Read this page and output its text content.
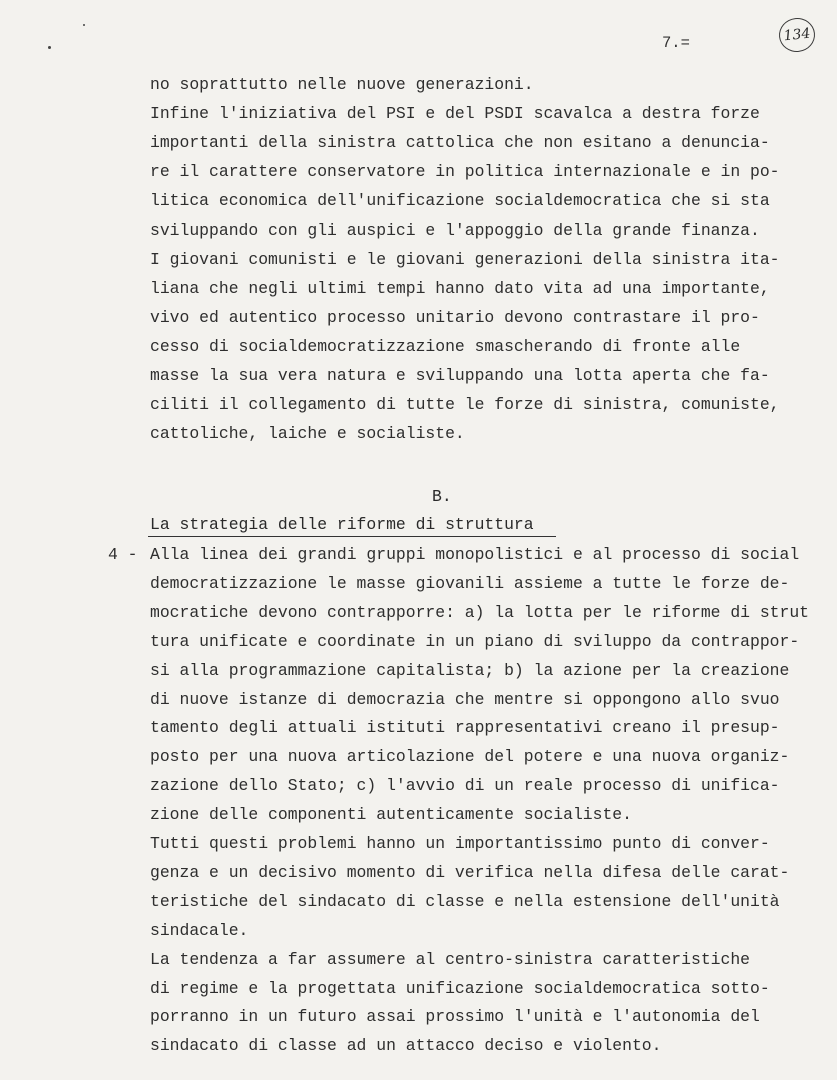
7.=	134
no soprattutto nelle nuove generazioni.
Infine l'iniziativa del PSI e del PSDI scavalca a destra forze
importanti della sinistra cattolica che non esitano a denuncia-
re il carattere conservatore in politica internazionale e in po-
litica economica dell'unificazione socialdemocratica che si sta
sviluppando con gli auspici e l'appoggio della grande finanza.
I giovani comunisti e le giovani generazioni della sinistra ita-
liana che negli ultimi tempi hanno dato vita ad una importante,
vivo ed autentico processo unitario devono contrastare il pro-
cesso di socialdemocratizzazione smascherando di fronte alle
masse la sua vera natura e sviluppando una lotta aperta che fa-
ciliti il collegamento di tutte le forze di sinistra, comuniste,
cattoliche, laiche e socialiste.
B.
La strategia delle riforme di struttura
4 - Alla linea dei grandi gruppi monopolistici e al processo di social
democratizzazione le masse giovanili assieme a tutte le forze de-
mocratiche devono contrapporre: a) la lotta per le riforme di strut
tura unificate e coordinate in un piano di sviluppo da contrappor-
si alla programmazione capitalista; b) la azione per la creazione
di nuove istanze di democrazia che mentre si oppongono allo svuo
tamento degli attuali istituti rappresentativi creano il presup-
posto per una nuova articolazione del potere e una nuova organiz-
zazione dello Stato; c) l'avvio di un reale processo di unifica-
zione delle componenti autenticamente socialiste.
Tutti questi problemi hanno un importantissimo punto di conver-
genza e un decisivo momento di verifica nella difesa delle carat-
teristiche del sindacato di classe e nella estensione dell'unità
sindacale.
La tendenza a far assumere al centro-sinistra caratteristiche
di regime e la progettata unificazione socialdemocratica sotto-
porranno in un futuro assai prossimo l'unità e l'autonomia del
sindacato di classe ad un attacco deciso e violento.
